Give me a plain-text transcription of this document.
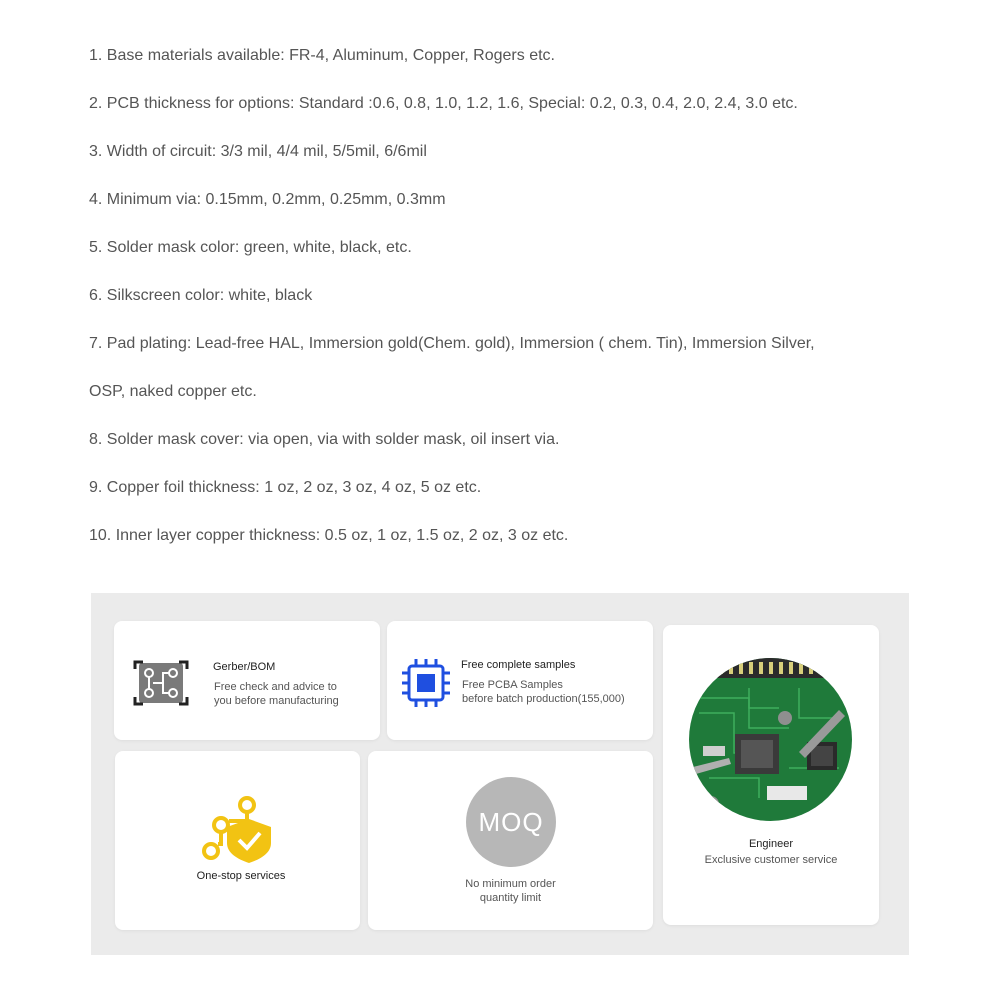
1. Base materials available: FR-4, Aluminum, Copper, Rogers etc.
2. PCB thickness for options: Standard :0.6, 0.8, 1.0, 1.2, 1.6, Special: 0.2, 0.3, 0.4, 2.0, 2.4, 3.0 etc.
3. Width of circuit: 3/3 mil, 4/4 mil, 5/5mil, 6/6mil
4. Minimum via: 0.15mm, 0.2mm, 0.25mm, 0.3mm
5. Solder mask color: green, white, black, etc.
6. Silkscreen color: white, black
7. Pad plating: Lead-free HAL, Immersion gold(Chem. gold), Immersion ( chem. Tin), Immersion Silver,
OSP, naked copper etc.
8. Solder mask cover: via open, via with solder mask, oil insert via.
9. Copper foil thickness: 1 oz, 2 oz, 3 oz, 4 oz, 5 oz etc.
10. Inner layer copper thickness: 0.5 oz, 1 oz, 1.5 oz, 2 oz, 3 oz etc.
Gerber/BOM
Free check and advice to
you before manufacturing
Free complete samples
Free PCBA Samples
before batch production(155,000)
Engineer
Exclusive customer service
One-stop services
MOQ
No minimum order
quantity limit
